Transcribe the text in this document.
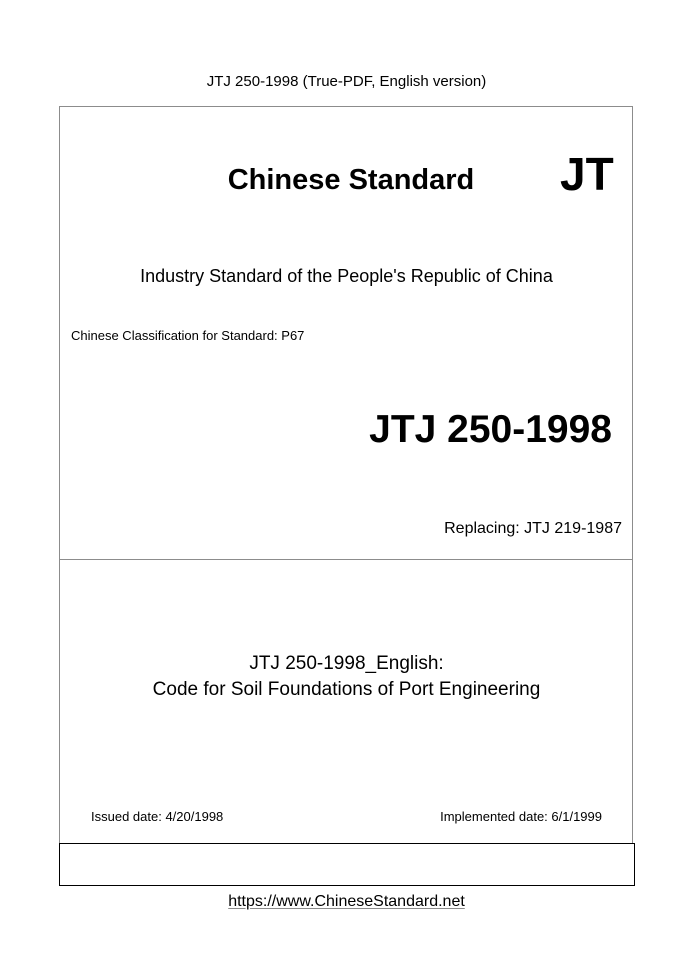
JTJ 250-1998 (True-PDF, English version)
Chinese Standard	JT
Industry Standard of the People's Republic of China
Chinese Classification for Standard: P67
JTJ 250-1998
Replacing: JTJ 219-1987
JTJ 250-1998_English:
Code for Soil Foundations of Port Engineering
Issued date: 4/20/1998	Implemented date: 6/1/1999
https://www.ChineseStandard.net
